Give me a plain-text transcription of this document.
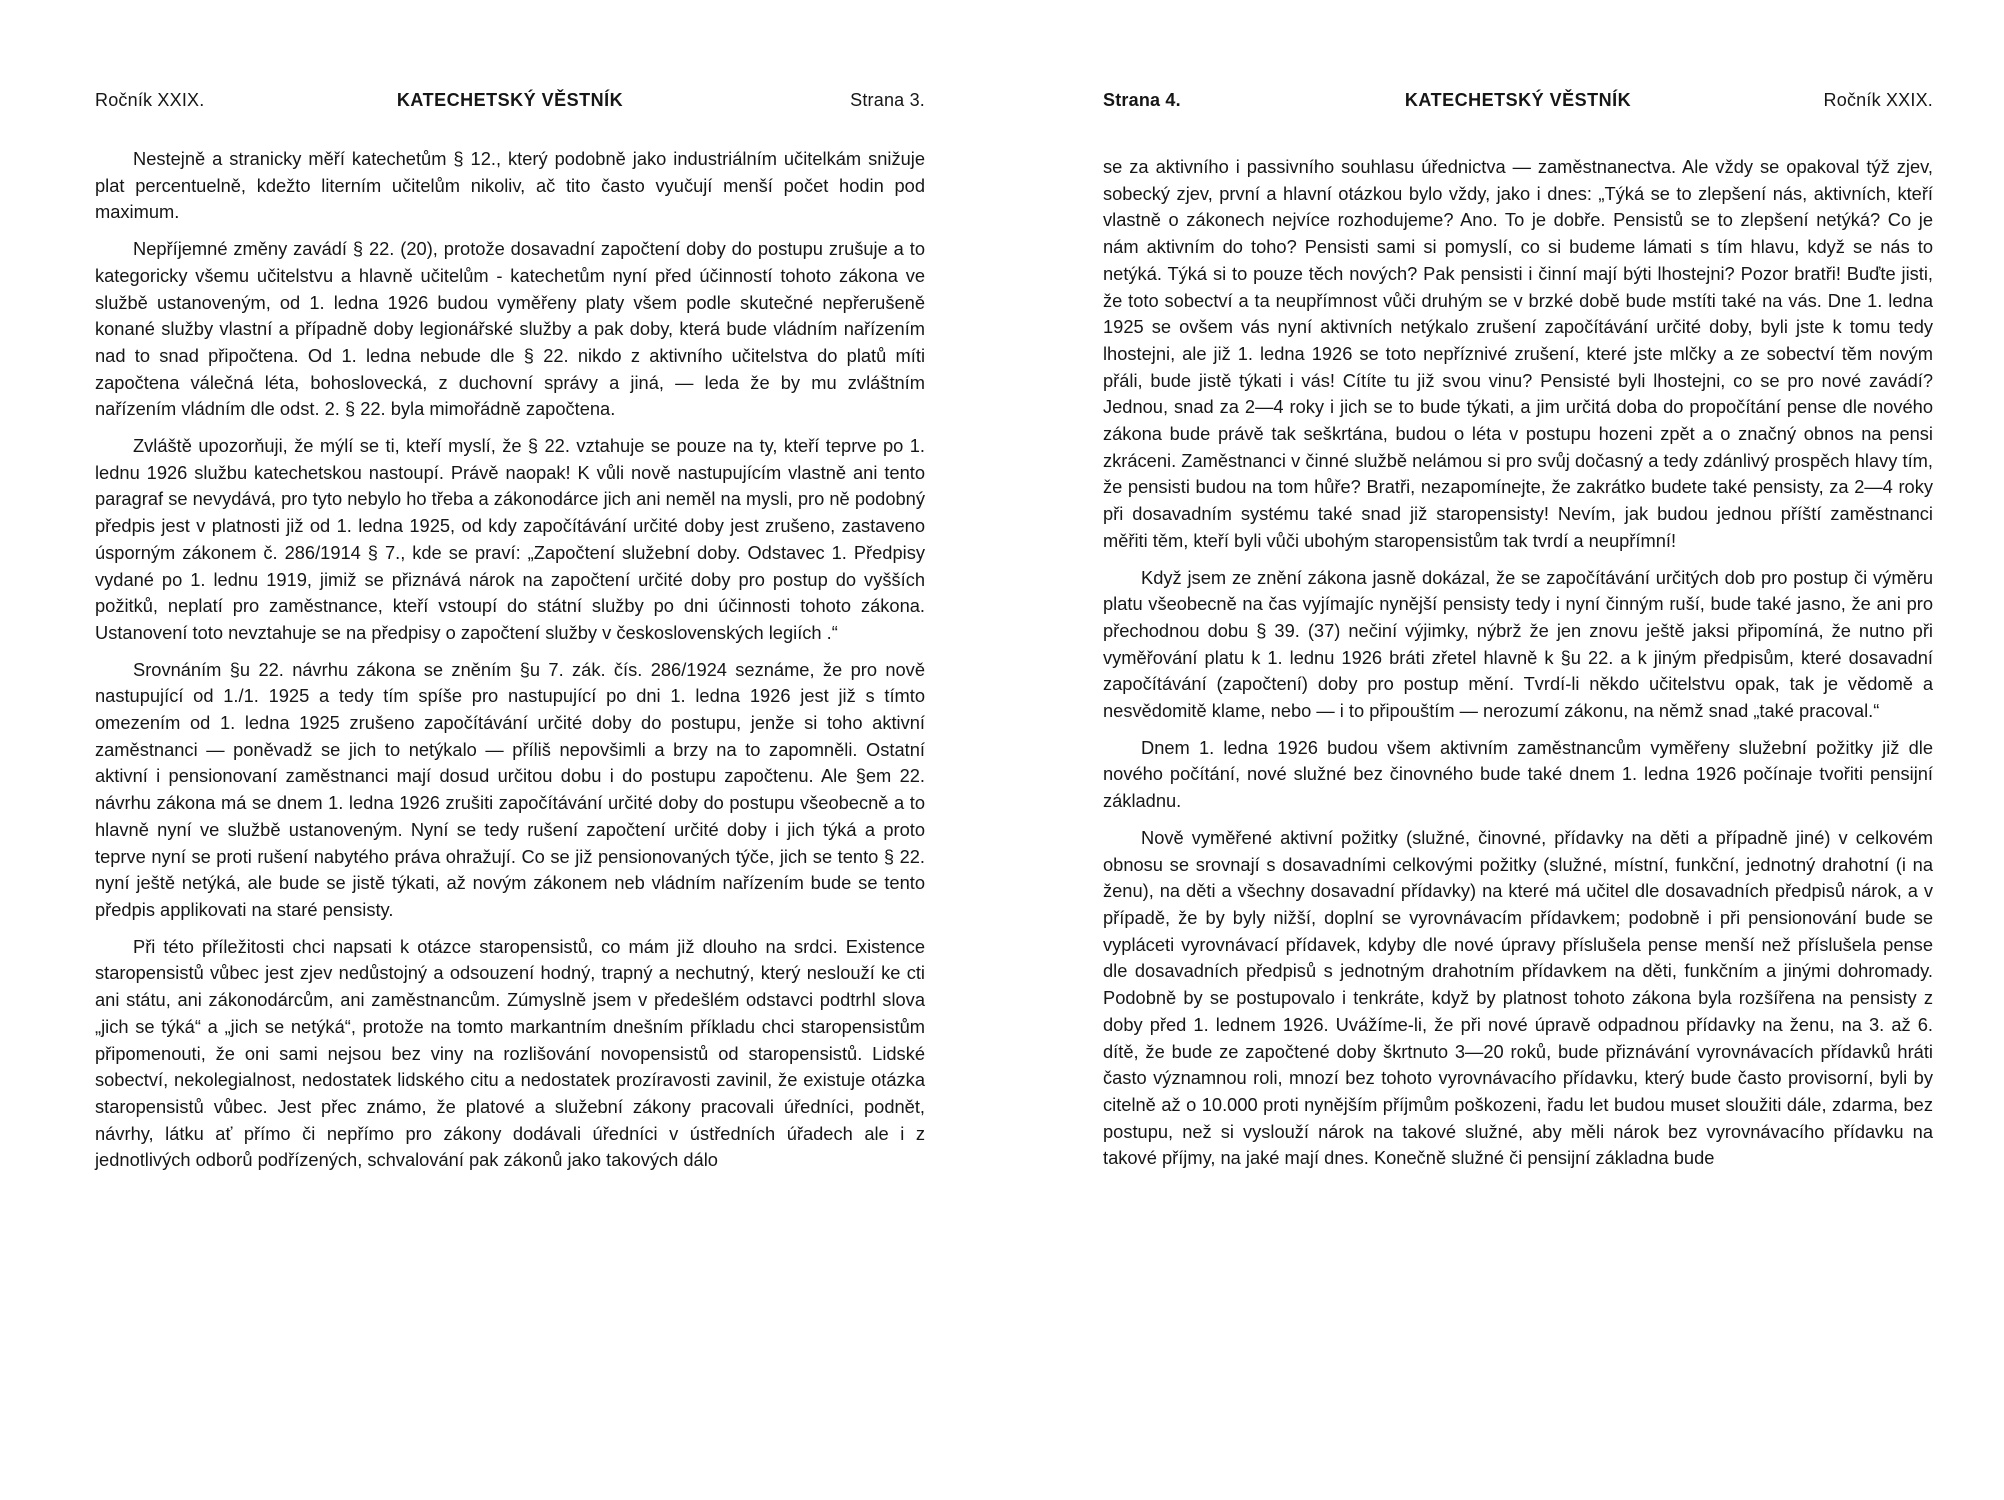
Ročník XXIX.	KATECHETSKÝ VĚSTNÍK	Strana 3.

Nestejně a stranicky měří katechetům § 12., který podobně jako industriálním učitelkám snižuje plat percentuelně, kdežto literním učitelům nikoliv, ač tito často vyučují menší počet hodin pod maximum.

Nepříjemné změny zavádí § 22. (20), protože dosavadní započtení doby do postupu zrušuje a to kategoricky všemu učitelstvu a hlavně učitelům - katechetům nyní před účinností tohoto zákona ve službě ustanoveným, od 1. ledna 1926 budou vyměřeny platy všem podle skutečné nepřerušeně konané služby vlastní a případně doby legionářské služby a pak doby, která bude vládním nařízením nad to snad připočtena. Od 1. ledna nebude dle § 22. nikdo z aktivního učitelstva do platů míti započtena válečná léta, bohoslovecká, z duchovní správy a jiná, — leda že by mu zvláštním nařízením vládním dle odst. 2. § 22. byla mimořádně započtena.

Zvláště upozorňuji, že mýlí se ti, kteří myslí, že § 22. vztahuje se pouze na ty, kteří teprve po 1. lednu 1926 službu katechetskou nastoupí. Právě naopak! K vůli nově nastupujícím vlastně ani tento paragraf se nevydává, pro tyto nebylo ho třeba a zákonodárce jich ani neměl na mysli, pro ně podobný předpis jest v platnosti již od 1. ledna 1925, od kdy započítávání určité doby jest zrušeno, zastaveno úsporným zákonem č. 286/1914 § 7., kde se praví: „Započtení služební doby. Odstavec 1. Předpisy vydané po 1. lednu 1919, jimiž se přiznává nárok na započtení určité doby pro postup do vyšších požitků, neplatí pro zaměstnance, kteří vstoupí do státní služby po dni účinnosti tohoto zákona. Ustanovení toto nevztahuje se na předpisy o započtení služby v československých legiích .“

Srovnáním §u 22. návrhu zákona se zněním §u 7. zák. čís. 286/1924 seznáme, že pro nově nastupující od 1./1. 1925 a tedy tím spíše pro nastupující po dni 1. ledna 1926 jest již s tímto omezením od 1. ledna 1925 zrušeno započítávání určité doby do postupu, jenže si toho aktivní zaměstnanci — poněvadž se jich to netýkalo — příliš nepovšimli a brzy na to zapomněli. Ostatní aktivní i pensionovaní zaměstnanci mají dosud určitou dobu i do postupu započtenu. Ale §em 22. návrhu zákona má se dnem 1. ledna 1926 zrušiti započítávání určité doby do postupu všeobecně a to hlavně nyní ve službě ustanoveným. Nyní se tedy rušení započtení určité doby i jich týká a proto teprve nyní se proti rušení nabytého práva ohražují. Co se již pensionovaných týče, jich se tento § 22. nyní ještě netýká, ale bude se jistě týkati, až novým zákonem neb vládním nařízením bude se tento předpis applikovati na staré pensisty.

Při této příležitosti chci napsati k otázce staropensistů, co mám již dlouho na srdci. Existence staropensistů vůbec jest zjev nedůstojný a odsouzení hodný, trapný a nechutný, který neslouží ke cti ani státu, ani zákonodárcům, ani zaměstnancům. Zúmyslně jsem v předešlém odstavci podtrhl slova „jich se týká“ a „jich se netýká“, protože na tomto markantním dnešním příkladu chci staropensistům připomenouti, že oni sami nejsou bez viny na rozlišování novopensistů od staropensistů. Lidské sobectví, nekolegialnost, nedostatek lidského citu a nedostatek prozíravosti zavinil, že existuje otázka staropensistů vůbec. Jest přec známo, že platové a služební zákony pracovali úředníci, podnět, návrhy, látku ať přímo či nepřímo pro zákony dodávali úředníci v ústředních úřadech ale i z jednotlivých odborů podřízených, schvalování pak zákonů jako takových dálo

Strana 4.	KATECHETSKÝ VĚSTNÍK	Ročník XXIX.

se za aktivního i passivního souhlasu úřednictva — zaměstnanectva. Ale vždy se opakoval týž zjev, sobecký zjev, první a hlavní otázkou bylo vždy, jako i dnes: „Týká se to zlepšení nás, aktivních, kteří vlastně o zákonech nejvíce rozhodujeme? Ano. To je dobře. Pensistů se to zlepšení netýká? Co je nám aktivním do toho? Pensisti sami si pomyslí, co si budeme lámati s tím hlavu, když se nás to netýká. Týká si to pouze těch nových? Pak pensisti i činní mají býti lhostejni? Pozor bratři! Buďte jisti, že toto sobectví a ta neupřímnost vůči druhým se v brzké době bude mstíti také na vás. Dne 1. ledna 1925 se ovšem vás nyní aktivních netýkalo zrušení započítávání určité doby, byli jste k tomu tedy lhostejni, ale již 1. ledna 1926 se toto nepříznivé zrušení, které jste mlčky a ze sobectví těm novým přáli, bude jistě týkati i vás! Cítíte tu již svou vinu? Pensisté byli lhostejni, co se pro nové zavádí? Jednou, snad za 2—4 roky i jich se to bude týkati, a jim určitá doba do propočítání pense dle nového zákona bude právě tak seškrtána, budou o léta v postupu hozeni zpět a o značný obnos na pensi zkráceni. Zaměstnanci v činné službě nelámou si pro svůj dočasný a tedy zdánlivý prospěch hlavy tím, že pensisti budou na tom hůře? Bratři, nezapomínejte, že zakrátko budete také pensisty, za 2—4 roky při dosavadním systému také snad již staropensisty! Nevím, jak budou jednou příští zaměstnanci měřiti těm, kteří byli vůči ubohým staropensistům tak tvrdí a neupřímní!

Když jsem ze znění zákona jasně dokázal, že se započítávání určitých dob pro postup či výměru platu všeobecně na čas vyjímajíc nynější pensisty tedy i nyní činným ruší, bude také jasno, že ani pro přechodnou dobu § 39. (37) nečiní výjimky, nýbrž že jen znovu ještě jaksi připomíná, že nutno při vyměřování platu k 1. lednu 1926 bráti zřetel hlavně k §u 22. a k jiným předpisům, které dosavadní započítávání (započtení) doby pro postup mění. Tvrdí-li někdo učitelstvu opak, tak je vědomě a nesvědomitě klame, nebo — i to připouštím — nerozumí zákonu, na němž snad „také pracoval.“

Dnem 1. ledna 1926 budou všem aktivním zaměstnancům vyměřeny služební požitky již dle nového počítání, nové služné bez činovného bude také dnem 1. ledna 1926 počínaje tvořiti pensijní základnu.

Nově vyměřené aktivní požitky (služné, činovné, přídavky na děti a případně jiné) v celkovém obnosu se srovnají s dosavadními celkovými požitky (služné, místní, funkční, jednotný drahotní (i na ženu), na děti a všechny dosavadní přídavky) na které má učitel dle dosavadních předpisů nárok, a v případě, že by byly nižší, doplní se vyrovnávacím přídavkem; podobně i při pensionování bude se vypláceti vyrovnávací přídavek, kdyby dle nové úpravy příslušela pense menší než příslušela pense dle dosavadních předpisů s jednotným drahotním přídavkem na děti, funkčním a jinými dohromady. Podobně by se postupovalo i tenkráte, když by platnost tohoto zákona byla rozšířena na pensisty z doby před 1. lednem 1926. Uvážíme-li, že při nové úpravě odpadnou přídavky na ženu, na 3. až 6. dítě, že bude ze započtené doby škrtnuto 3—20 roků, bude přiznávání vyrovnávacích přídavků hráti často významnou roli, mnozí bez tohoto vyrovnávacího přídavku, který bude často provisorní, byli by citelně až o 10.000 proti nynějším příjmům poškozeni, řadu let budou muset sloužiti dále, zdarma, bez postupu, než si vyslouží nárok na takové služné, aby měli nárok bez vyrovnávacího přídavku na takové příjmy, na jaké mají dnes. Konečně služné či pensijní základna bude
